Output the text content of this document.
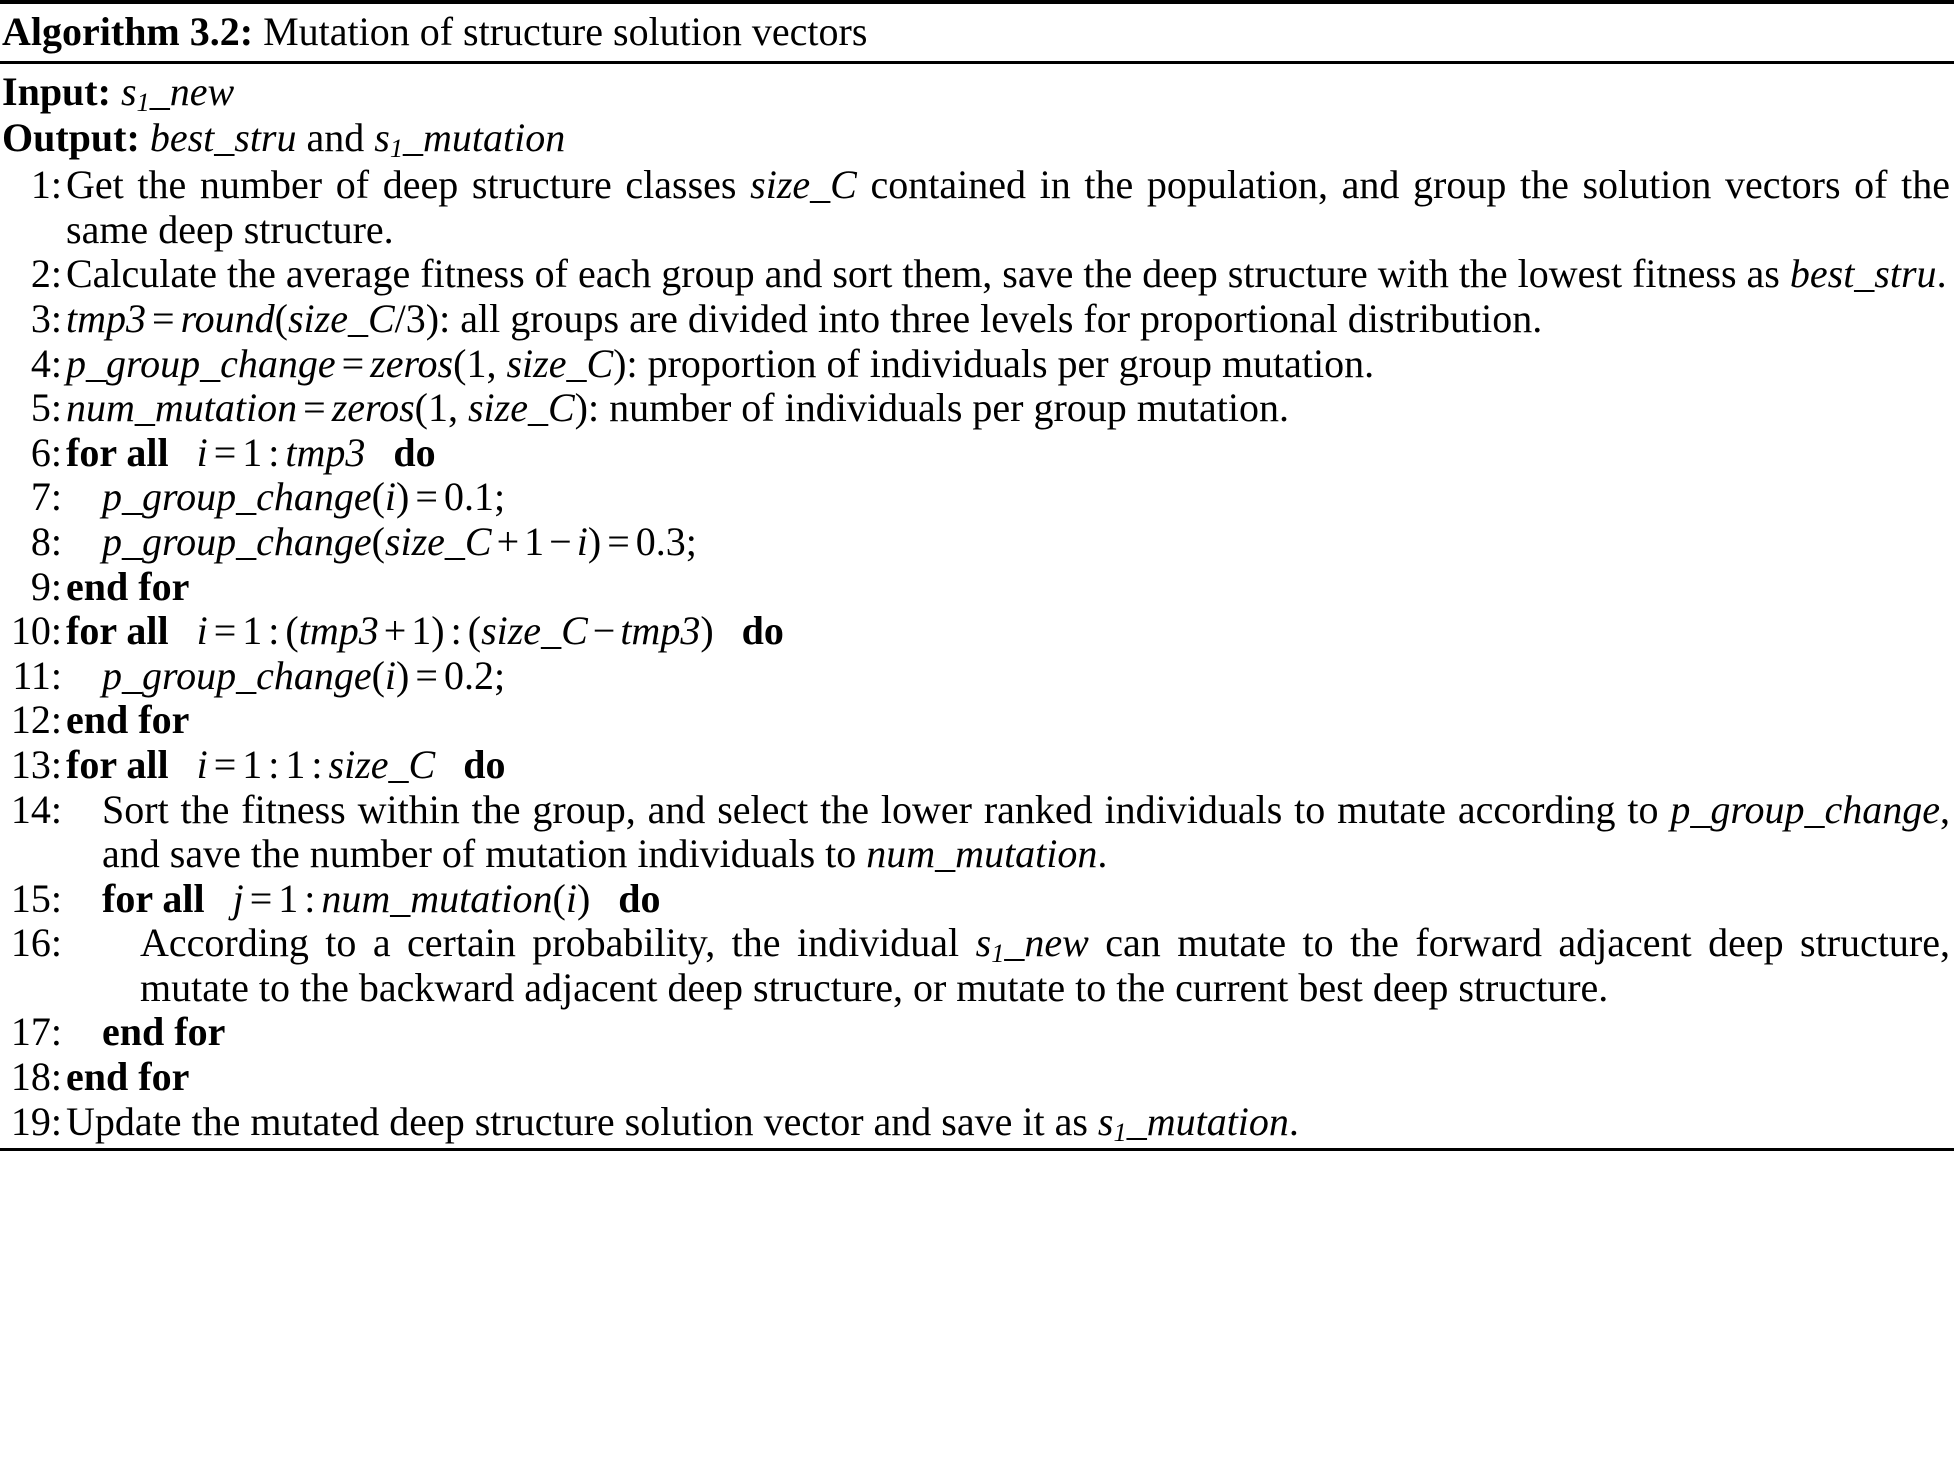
Algorithm 3.2: Mutation of structure solution vectors
Input: $s_1\_new$
Output: best_stru and $s_1\_mutation$
1: Get the number of deep structure classes size_C contained in the population, and group the solution vectors of the same deep structure.
2: Calculate the average fitness of each group and sort them, save the deep structure with the lowest fitness as best_stru.
3: tmp3 = round(size_C/3): all groups are divided into three levels for proportional distribution.
4: p_group_change = zeros(1, size_C): proportion of individuals per group mutation.
5: num_mutation = zeros(1, size_C): number of individuals per group mutation.
6: for all i = 1 : tmp3 do
7:	p_group_change(i) = 0.1;
8:	p_group_change(size_C + 1 − i) = 0.3;
9: end for
10: for all i = 1 : (tmp3 + 1) : (size_C − tmp3) do
11:	p_group_change(i) = 0.2;
12: end for
13: for all i = 1 : 1 : size_C do
14:	Sort the fitness within the group, and select the lower ranked individuals to mutate according to p_group_change, and save the number of mutation individuals to num_mutation.
15:	for all j = 1 : num_mutation(i) do
16:	According to a certain probability, the individual $s_1\_new$ can mutate to the forward adjacent deep structure, mutate to the backward adjacent deep structure, or mutate to the current best deep structure.
17:	end for
18: end for
19: Update the mutated deep structure solution vector and save it as $s_1\_mutation$.
